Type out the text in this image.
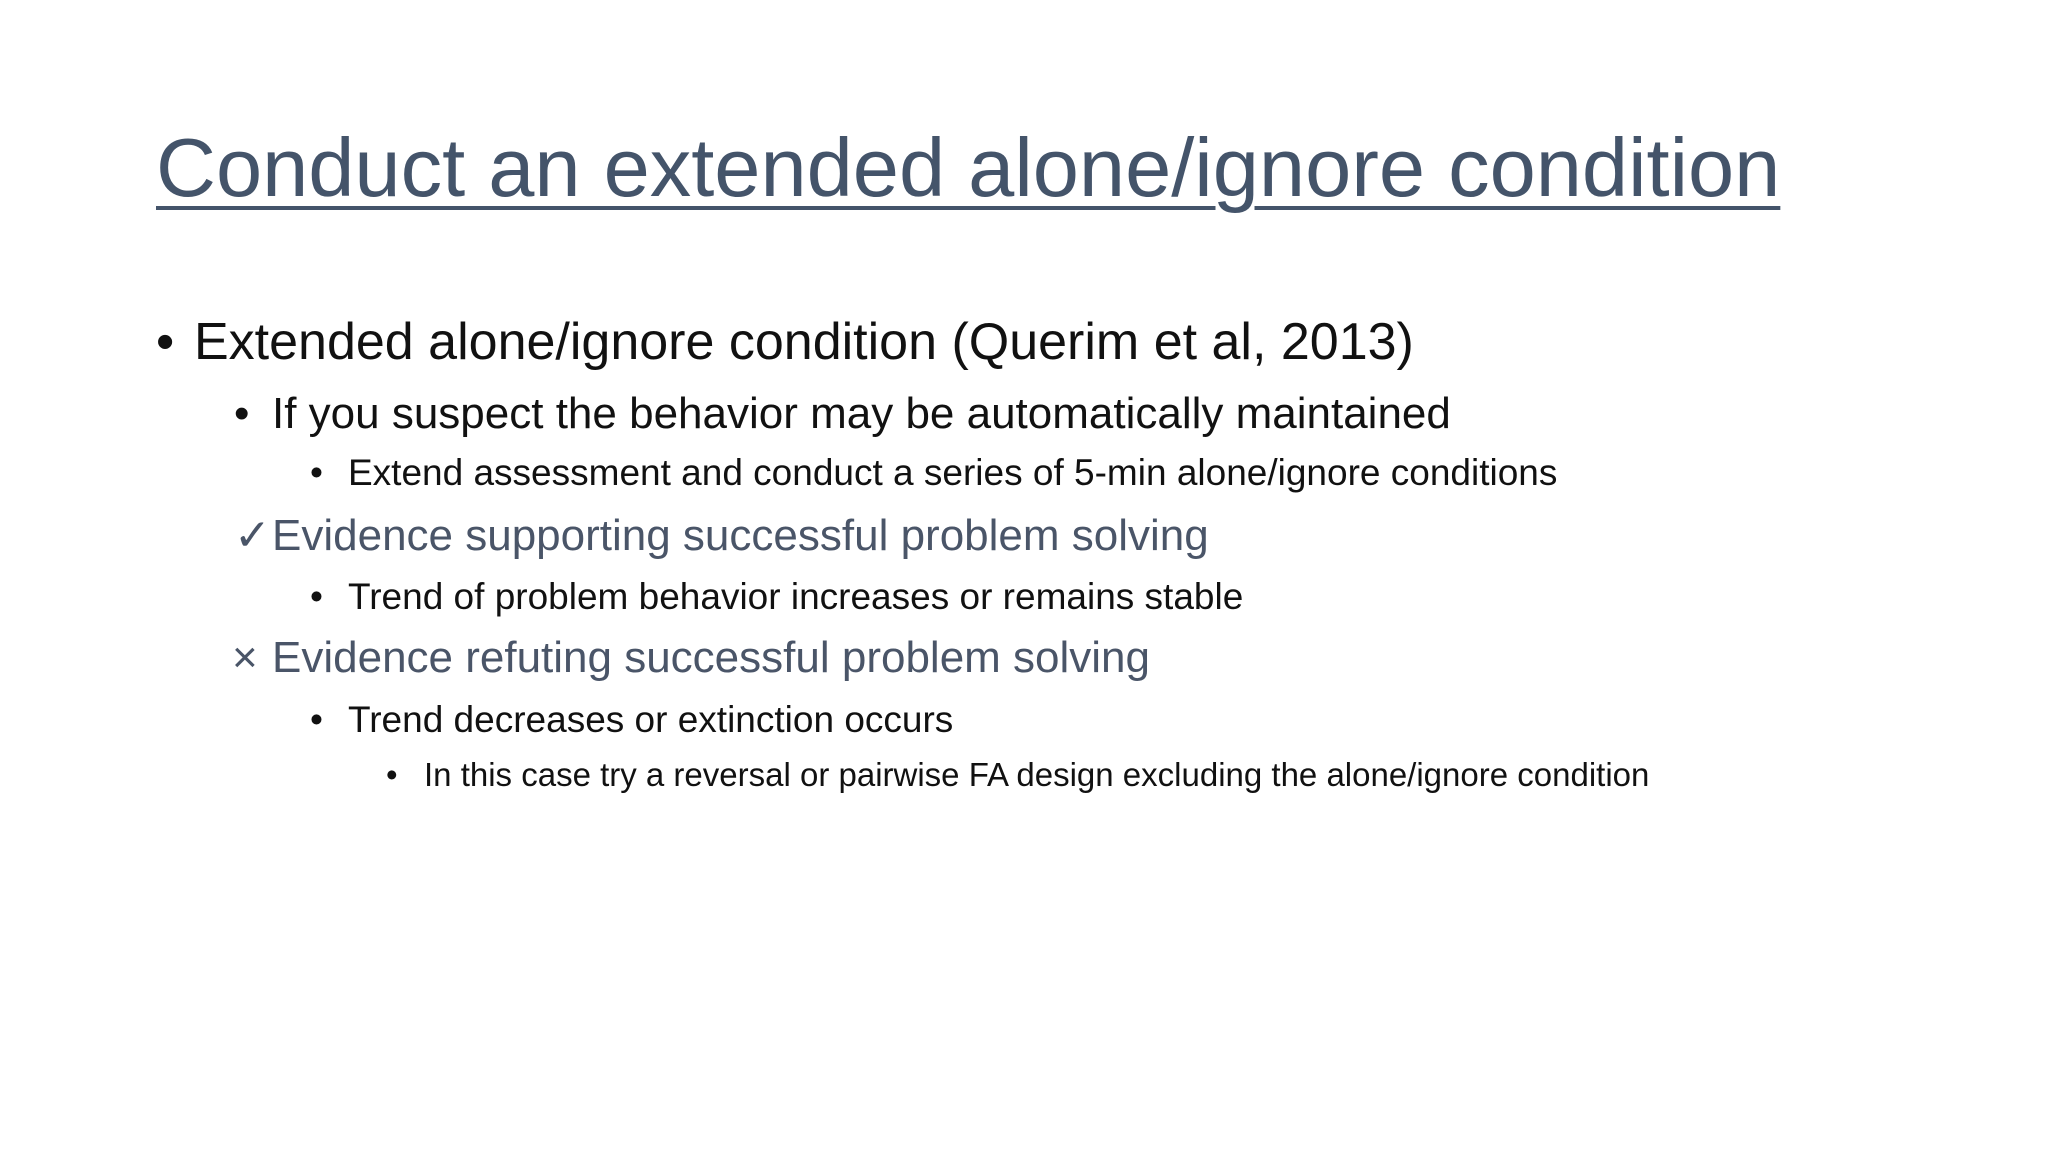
Conduct an extended alone/ignore condition
• Extended alone/ignore condition (Querim et al, 2013)
• If you suspect the behavior may be automatically maintained
• Extend assessment and conduct a series of 5-min alone/ignore conditions
✓ Evidence supporting successful problem solving
• Trend of problem behavior increases or remains stable
× Evidence refuting successful problem solving
• Trend decreases or extinction occurs
• In this case try a reversal or pairwise FA design excluding the alone/ignore condition
